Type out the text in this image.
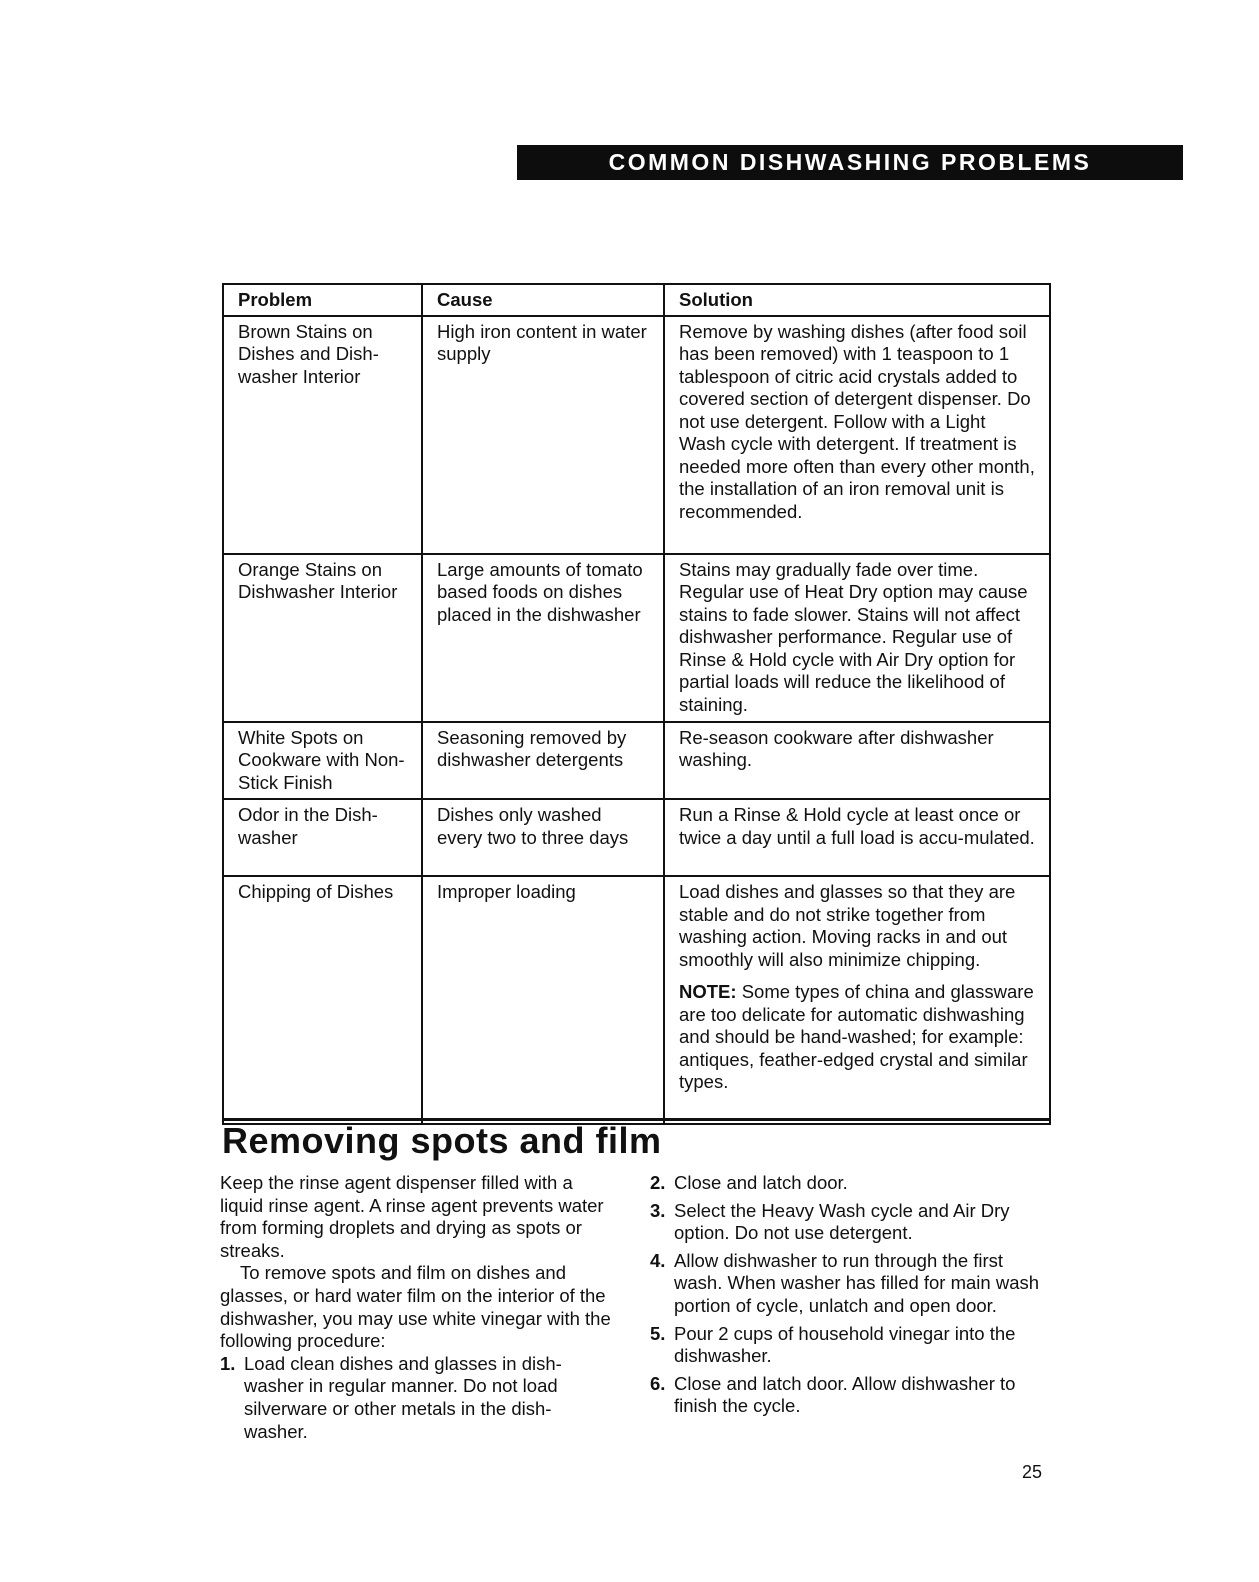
COMMON DISHWASHING PROBLEMS
Problem	Cause	Solution
Brown Stains on Dishes and Dish-washer Interior	High iron content in water supply	Remove by washing dishes (after food soil has been removed) with 1 teaspoon to 1 tablespoon of citric acid crystals added to covered section of detergent dispenser. Do not use detergent. Follow with a Light Wash cycle with detergent. If treatment is needed more often than every other month, the installation of an iron removal unit is recommended.
Orange Stains on Dishwasher Interior	Large amounts of tomato based foods on dishes placed in the dishwasher	Stains may gradually fade over time. Regular use of Heat Dry option may cause stains to fade slower. Stains will not affect dishwasher performance. Regular use of Rinse & Hold cycle with Air Dry option for partial loads will reduce the likelihood of staining.
White Spots on Cookware with Non-Stick Finish	Seasoning removed by dishwasher detergents	Re-season cookware after dishwasher washing.
Odor in the Dish-washer	Dishes only washed every two to three days	Run a Rinse & Hold cycle at least once or twice a day until a full load is accu-mulated.
Chipping of Dishes	Improper loading	Load dishes and glasses so that they are stable and do not strike together from washing action. Moving racks in and out smoothly will also minimize chipping.

NOTE: Some types of china and glassware are too delicate for automatic dishwashing and should be hand-washed; for example: antiques, feather-edged crystal and similar types.

Removing spots and film

Keep the rinse agent dispenser filled with a liquid rinse agent. A rinse agent prevents water from forming droplets and drying as spots or streaks.

To remove spots and film on dishes and glasses, or hard water film on the interior of the dishwasher, you may use white vinegar with the following procedure:

1. Load clean dishes and glasses in dish-washer in regular manner. Do not load silverware or other metals in the dish-washer.
2. Close and latch door.
3. Select the Heavy Wash cycle and Air Dry option. Do not use detergent.
4. Allow dishwasher to run through the first wash. When washer has filled for main wash portion of cycle, unlatch and open door.
5. Pour 2 cups of household vinegar into the dishwasher.
6. Close and latch door. Allow dishwasher to finish the cycle.
25
